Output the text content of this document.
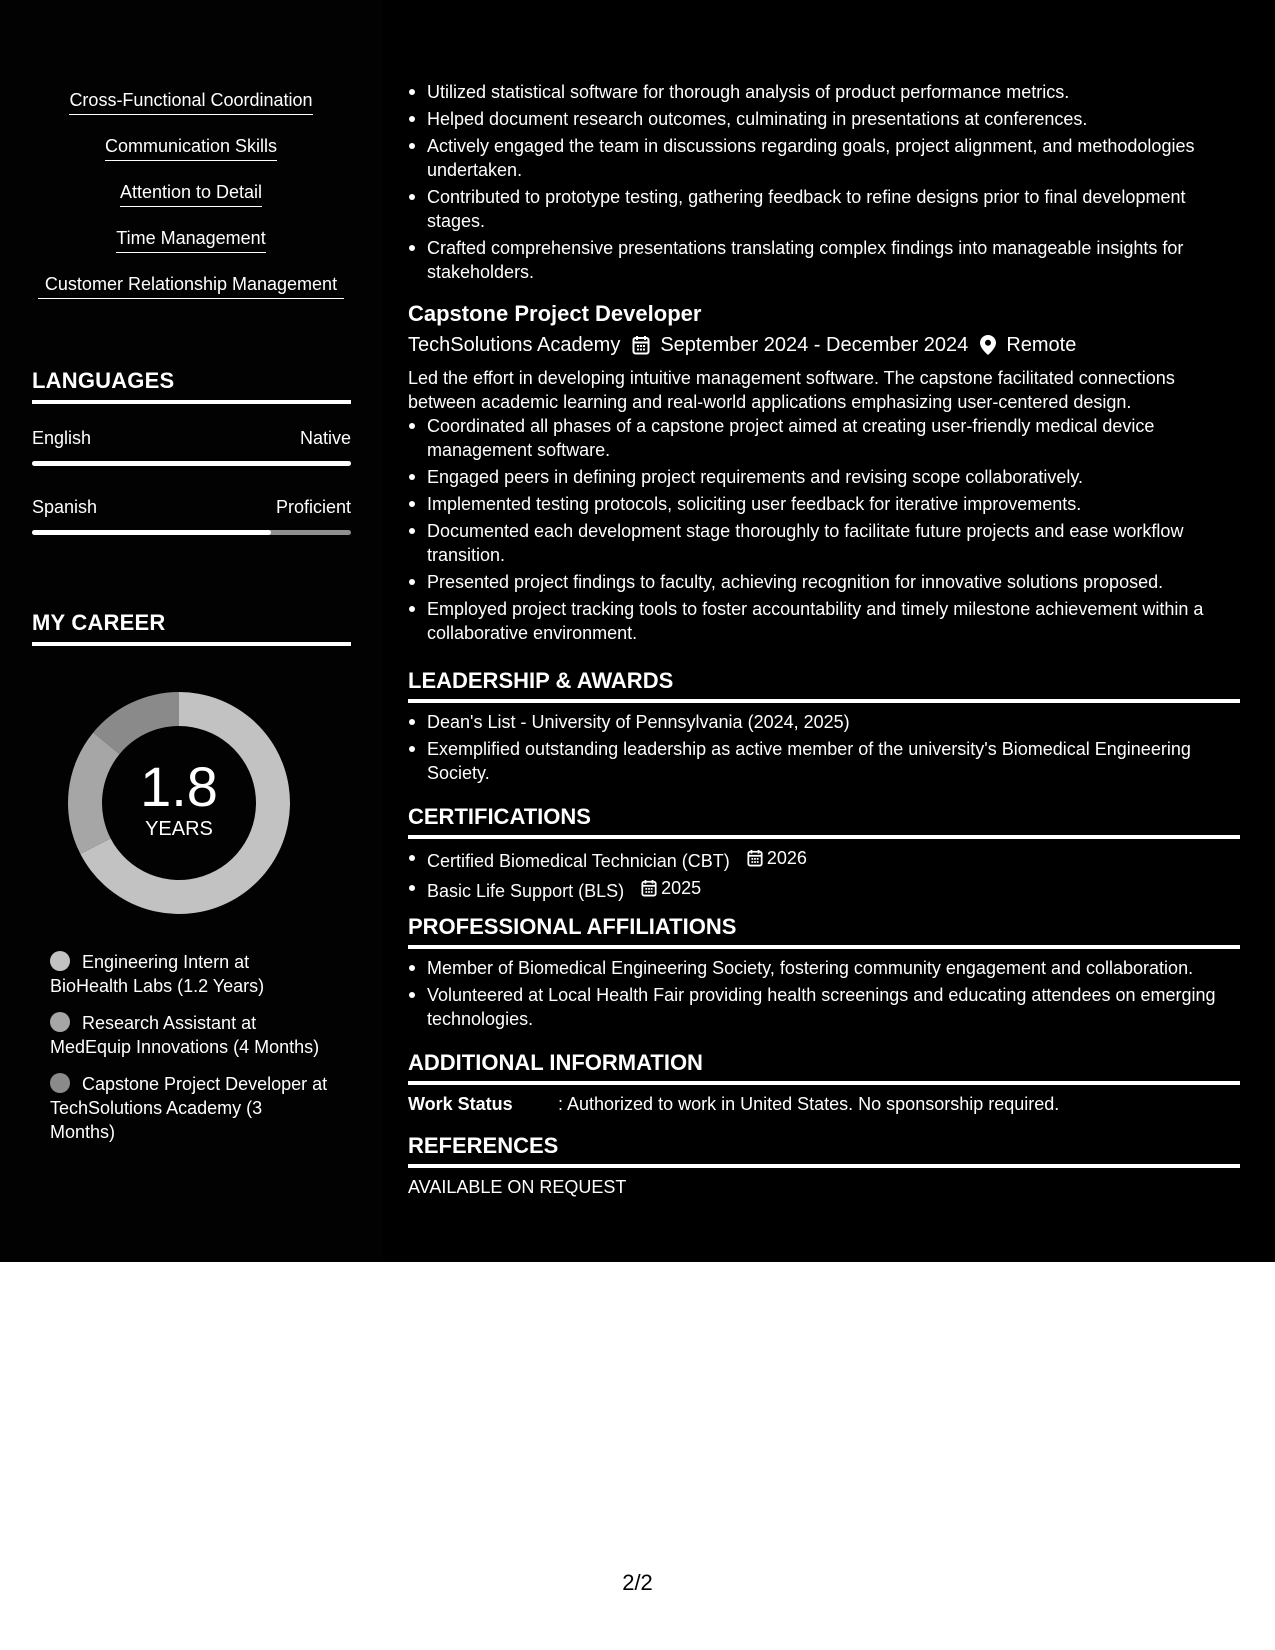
Cross-Functional Coordination
Communication Skills
Attention to Detail
Time Management
Customer Relationship Management
LANGUAGES
English	Native
Spanish	Proficient
MY CAREER
1.8
YEARS
Engineering Intern at BioHealth Labs (1.2 Years)
Research Assistant at MedEquip Innovations (4 Months)
Capstone Project Developer at TechSolutions Academy (3 Months)
Utilized statistical software for thorough analysis of product performance metrics.
Helped document research outcomes, culminating in presentations at conferences.
Actively engaged the team in discussions regarding goals, project alignment, and methodologies undertaken.
Contributed to prototype testing, gathering feedback to refine designs prior to final development stages.
Crafted comprehensive presentations translating complex findings into manageable insights for stakeholders.
Capstone Project Developer
TechSolutions Academy September 2024 - December 2024 Remote
Led the effort in developing intuitive management software. The capstone facilitated connections between academic learning and real-world applications emphasizing user-centered design.
Coordinated all phases of a capstone project aimed at creating user-friendly medical device management software.
Engaged peers in defining project requirements and revising scope collaboratively.
Implemented testing protocols, soliciting user feedback for iterative improvements.
Documented each development stage thoroughly to facilitate future projects and ease workflow transition.
Presented project findings to faculty, achieving recognition for innovative solutions proposed.
Employed project tracking tools to foster accountability and timely milestone achievement within a collaborative environment.
LEADERSHIP & AWARDS
Dean's List - University of Pennsylvania (2024, 2025)
Exemplified outstanding leadership as active member of the university's Biomedical Engineering Society.
CERTIFICATIONS
Certified Biomedical Technician (CBT) 2026
Basic Life Support (BLS) 2025
PROFESSIONAL AFFILIATIONS
Member of Biomedical Engineering Society, fostering community engagement and collaboration.
Volunteered at Local Health Fair providing health screenings and educating attendees on emerging technologies.
ADDITIONAL INFORMATION
Work Status	: Authorized to work in United States. No sponsorship required.
REFERENCES
AVAILABLE ON REQUEST
2/2
